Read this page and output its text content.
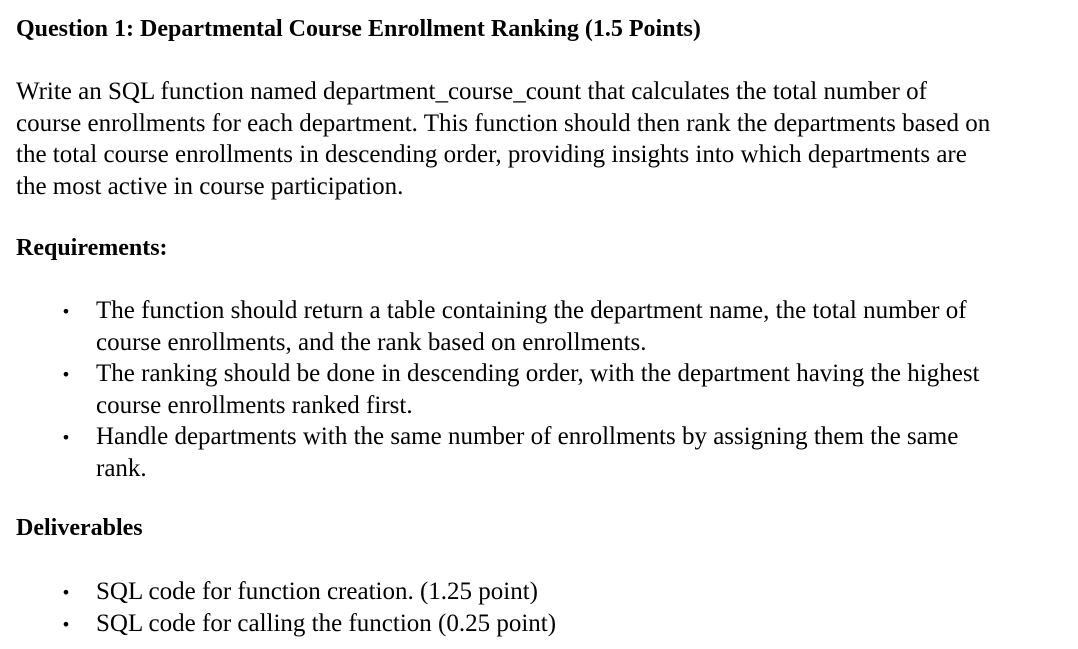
Question 1: Departmental Course Enrollment Ranking (1.5 Points)
Write an SQL function named department_course_count that calculates the total number of
course enrollments for each department. This function should then rank the departments based on
the total course enrollments in descending order, providing insights into which departments are
the most active in course participation.
Requirements:
• The function should return a table containing the department name, the total number of
course enrollments, and the rank based on enrollments.
• The ranking should be done in descending order, with the department having the highest
course enrollments ranked first.
• Handle departments with the same number of enrollments by assigning them the same
rank.
Deliverables
• SQL code for function creation. (1.25 point)
• SQL code for calling the function (0.25 point)
